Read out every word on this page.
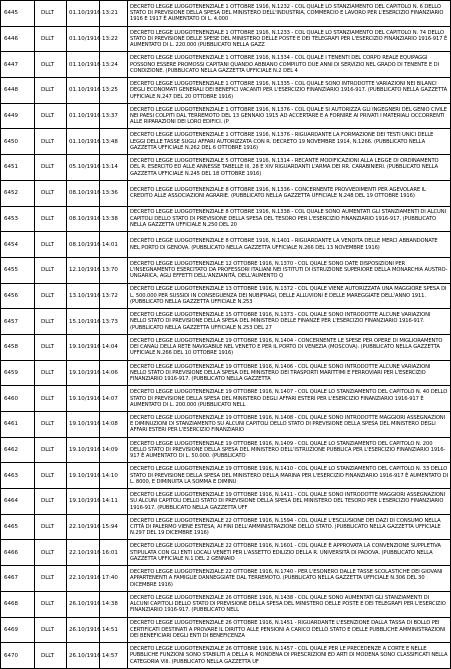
6445	DLLT	01.10/1916	13:21	DECRETO LEGGE LUOGOTENENZIALE 1 OTTOBRE 1916, N.1232 - COL QUALE LO STANZIAMENTO DEL CAPITOLO N. 6 DELLO STATO DI PREVISIONE DELLA SPESA DEL MINISTERO DELL'INDUSTRIA, COMMERCIO E LAVORO PER L'ESERCIZIO FINANZIARIO 1916 E 1917 È AUMENTATO DI L. 4.000
6446	DLLT	01.10/1916	13:22	DECRETO LEGGE LUOGOTENENZIALE 1 OTTOBRE 1916, N.1233 - COL QUALE LO STANZIAMENTO DEL CAPITOLO N. 74 DELLO STATO DI PREVISIONE DELLE SPESE DEL MINISTERO DELLE POSTE E DEI TELEGRAFI PER L'ESERCIZIO FINANZIARIO 1916-917 È AUMENTATO DI L. 220.000 (PUBBLICATO NELLA GAZZ
6447	DLLT	01.10/1916	13:24	DECRETO LEGGE LUOGOTENENZIALE 1 OTTOBRE 1916, N.1334 - COL QUALE I TENENTI DEL CORPO REALE EQUIPAGGI POSSONO ESSERE PROMOSSI CAPITANI QUANDO ABBIANO COMPIUTO DUE ANNI DI SERVIZIO NEL GRADO DI TENENTE E DI CONDIZIONE. (PUBBLICATO NELLA GAZZETTA UFFICIALE N.2 DEL 4
6448	DLLT	01.10/1916	13:25	DECRETO LEGGE LUOGOTENENZIALE 1 OTTOBRE 1916, N.1335 - COL QUALE SONO INTRODOTTE VARIAZIONI NEI BILANCI DEGLI ECONOMATI GENERALI DEI BENEFICI VACANTI PER L'ESERCIZIO FINANZIARIO 1916-917. (PUBBLICATO NELLA GAZZETTA UFFICIALE N.247 DEL 20 OTTOBRE 1916)
6449	DLLT	01.10/1916	13:37	DECRETO LEGGE LUOGOTENENZIALE 1 OTTOBRE 1916, N.1376 - COL QUALE SI AUTORIZZA GLI INGEGNERI DEL GENIO CIVILE NEI PAESI COLPITI DAL TERREMOTO DEL 13 GENNAIO 1915 AD ACCERTARE E A FORNIRE AI PRIVATI I MATERIALI OCCORRENTI ALLE RIPARAZIONI DEI LORO EDIFICI. (P
6450	DLLT	01.10/1916	13:48	DECRETO LEGGE LUOGOTENENZIALE 1 OTTOBRE 1916, N.1376 - RIGUARDANTE LA FORMAZIONE DEI TESTI UNICI DELLE LEGGI DELLE TASSE SUGLI AFFARI AUTORIZZATA CON R. DECRETO 19 NOVEMBRE 1914, N.1266. (PUBBLICATO NELLA GAZZETTA UFFICIALE N.262 DEL 6 OTTOBRE 1916)
6451	DLLT	05.10/1916	13:14	DECRETO LEGGE LUOGOTENENZIALE 5 OTTOBRE 1916, N.1314 - RECANTE MODIFICAZIONI ALLA LEGGE DI ORDINAMENTO DEL R. ESERCITO ED ALLE ANNESSE TABELLE III, 28 E XIV RIGUARDANTI L'ARMA DEI RR. CARABINIERI. (PUBBLICATO NELLA GAZZETTA UFFICIALE N.245 DEL 18 OTTOBRE 1916)
6452	DLLT	08.10/1916	13:36	DECRETO LEGGE LUOGOTENENZIALE 8 OTTOBRE 1916, N.1336 - CONCERNENTE PROVVEDIMENTI PER AGEVOLARE IL CREDITO ALLE ASSOCIAZIONI AGRARIE. (PUBBLICATO NELLA GAZZETTA UFFICIALE N.248 DEL 19 OTTOBRE 1916)
6453	DLLT	08.10/1916	13:38	DECRETO LEGGE LUOGOTENENZIALE 8 OTTOBRE 1916, N.1338 - COL QUALE SONO AUMENTATI GLI STANZIAMENTI DI ALCUNI CAPITOLI DELLO STATO DI PREVISIONE DELLA SPESA DEL TESORO PER L'ESERCIZIO FINANZIARIO 1916-917. (PUBBLICATO NELLA GAZZETTA UFFICIALE N.250 DEL 20
6454	DLLT	08.10/1916	14:01	DECRETO LEGGE LUOGOTENENZIALE 8 OTTOBRE 1916, N.1401 - RIGUARDANTE LA VENDITA DELLE MERCI ABBANDONATE NEL PORTO DI GENOVA. (PUBBLICATO NELLA GAZZETTA UFFICIALE N.266 DEL 13 NOVEMBRE 1916)
6455	DLLT	12.10/1916	13:70	DECRETO LEGGE LUOGOTENENZIALE 12 OTTOBRE 1916, N.1370 - COL QUALE SONO DATE DISPOSIZIONI PER L'INSEGNAMENTO ESERCITATO DA PROFESSORI ITALIANI NEI ISTITUTI DI ISTRUZIONE SUPERIORE DELLA MONARCHIA AUSTRO-UNGARICA, AGLI EFFETTI DELL'ANZIANITÀ, DELL'AUMENTO Q
6456	DLLT	13.10/1916	13:72	DECRETO LEGGE LUOGOTENENZIALE 13 OTTOBRE 1916, N.1372 - COL QUALE VIENE AUTORIZZATA UNA MAGGIORE SPESA DI L. 500.000 PER SUSSIDI IN CONSEGUENZA DEI NUBIFRAGI, DELLE ALLUVIONI E DELLE MAREGGIATE DELL'ANNO 1911. (PUBBLICATO NELLA GAZZETTA UFFICIALE N.253
6457	DLLT	15.10/1916	13:73	DECRETO LEGGE LUOGOTENENZIALE 15 OTTOBRE 1916, N.1373 - COL QUALE SONO INTRODOTTE ALCUNE VARIAZIONI NELLO STATO DI PREVISIONE DELLA SPESA DEL MINISTERO DELLE FINANZE PER L'ESERCIZIO FINANZIARIO 1916-917. (PUBBLICATO NELLA GAZZETTA UFFICIALE N.253 DEL 27
6458	DLLT	19.10/1916	14:04	DECRETO LEGGE LUOGOTENENZIALE 19 OTTOBRE 1916, N.1404 - CONCERNENTE LE SPESE PER OPERE DI MIGLIORAMENTO DEI CANALI DELLA RETE NAVIGABILE NEL VENETO E PER IL PORTO DI VENEZIA (MOSCOVA). (PUBBLICATO NELLA GAZZETTA UFFICIALE N.266 DEL 10 OTTOBRE 1916)
6459	DLLT	19.10/1916	14:06	DECRETO LEGGE LUOGOTENENZIALE 19 OTTOBRE 1916, N.1406 - COL QUALE SONO INTRODOTTE ALCUNE VARIAZIONI NELLO STATO DI PREVISIONE DELLA SPESA DEL MINISTERO DEI TRASPORTI MARITTIMI E FERROVIARI PER L'ESERCIZIO FINANZIARIO 1916-917. (PUBBLICATO NELLA GAZZETTA
6460	DLLT	19.10/1916	14:07	DECRETO LEGGE LUOGOTENENZIALE 19 OTTOBRE 1916, N.1407 - COL QUALE LO STANZIAMENTO DEL CAPITOLO N. 40 DELLO STATO DI PREVISIONE DELLA SPESA DEL MINISTERO DEGLI AFFARI ESTERI PER L'ESERCIZIO FINANZIARIO 1916-917 È AUMENTATO DI L. 200.000 (PUBBLICATO NELL
6461	DLLT	19.10/1916	14:08	DECRETO LEGGE LUOGOTENENZIALE 19 OTTOBRE 1916, N.1408 - COL QUALE SONO INTRODOTTE MAGGIORI ASSEGNAZIONI E DIMINUZIONI DI STANZIAMENTO SU ALCUNI CAPITOLI DELLO STATO DI PREVISIONE DELLA SPESA DEL MINISTERO DEGLI AFFARI ESTERI PER L'ESERCIZIO FINANZIARIO
6462	DLLT	19.10/1916	14:09	DECRETO LEGGE LUOGOTENENZIALE 19 OTTOBRE 1916, N.1409 - COL QUALE LO STANZIAMENTO DEL CAPITOLO N. 200 DELLO STATO DI PREVISIONE DELLA SPESA DEL MINISTERO DELL'ISTRUZIONE PUBBLICA PER L'ESERCIZIO FINANZIARIO 1916-917 È AUMENTATO DI L. 50.000. (PUBBLICATO
6463	DLLT	19.10/1916	14:10	DECRETO LEGGE LUOGOTENENZIALE 19 OTTOBRE 1916, N.1410 - COL QUALE LO STANZIAMENTO DEL CAPITOLO N. 33 DELLO STATO DI PREVISIONE DELLA SPESA DEL MINISTERO DELLA MARINA PER L'ESERCIZIO FINANZIARIO 1916-917 È AUMENTATO DI L. 8000, E DIMINUITA LA SOMMA E DIMINU
6464	DLLT	19.10/1916	14:11	DECRETO LEGGE LUOGOTENENZIALE 19 OTTOBRE 1916, N.1411 - COL QUALE SONO INTRODOTTE MAGGIORI ASSEGNAZIONI SU ALCUNI CAPITOLI DELLO STATO DI PREVISIONE DELLA SPESA DEL MINISTERO DEL TESORO PER L'ESERCIZIO FINANZIARIO 1916-917. (PUBBLICATO NELLA GAZZETTA UFF
6465	DLLT	22.10/1916	15:94	DECRETO LEGGE LUOGOTENENZIALE 22 OTTOBRE 1916, N.1594 - COL QUALE L'ESCLUSIONE DEI DAZI DI CONSUMO NELLA CITTÀ DI PALERMO VIENE ESTESA, AI FINI DELL'AMMINISTRAZIONE DELLO STATO. (PUBBLICATO NELLA GAZZETTA UFFICIALE N.297 DEL 19 DICEMBRE 1916)
6466	DLLT	22.10/1916	16:01	DECRETO LEGGE LUOGOTENENZIALE 22 OTTOBRE 1916, N.1601 - COL QUALE È APPROVATA LA CONVENZIONE SUPPLETIVA STIPULATA CON GLI ENTI LOCALI VENETI PER L'ASSETTO EDILIZIO DELLA R. UNIVERSITÀ DI PADOVA. (PUBBLICATO NELLA GAZZETTA UFFICIALE N.1 DEL 2 GENNAIO
6467	DLLT	22.10/1916	17:40	DECRETO LEGGE LUOGOTENENZIALE 22 OTTOBRE 1916, N.1740 - PER L'ESONERO DALLE TASSE SCOLASTICHE DEI GIOVANI APPARTENENTI A FAMIGLIE DANNEGGIATE DAL TERREMOTO. (PUBBLICATO NELLA GAZZETTA UFFICIALE N.306 DEL 30 DICEMBRE 1916)
6468	DLLT	26.10/1916	14:38	DECRETO LEGGE LUOGOTENENZIALE 26 OTTOBRE 1916, N.1438 - COL QUALE SONO AUMENTATI GLI STANZIAMENTI DI ALCUNI CAPITOLI DELLO STATO DI PREVISIONE DELLA SPESA DEL MINISTERO DELLE POSTE E DEI TELEGRAFI PER L'ESERCIZIO FINANZIARIO 1916-917. (PUBBLICATO NELL
6469	DLLT	26.10/1916	14:51	DECRETO LEGGE LUOGOTENENZIALE 26 OTTOBRE 1916, N.1451 - RIGUARDANTE L'ESENZIONE DALLA TASSA DI BOLLO PEI CERTIFICATI DESTINATI A PROVARE IL DIRITTO ALLE PENSIONI A CARICO DELLO STATO E DELLE PUBBLICHE AMMINISTRAZIONI DEI BENEFICIARI DEGLI ENTI DI BENEFICENZA
6470	DLLT	26.10/1916	14:57	DECRETO LEGGE LUOGOTENENZIALE 26 OTTOBRE 1916, N.1457 - COL QUALE PER LE PRECEDENZE A CORTE E NELLE PUBBLICHE FUNZIONI SONO STABILITI A DELLA R. MONDENA DI PRESCRIZIONI ED ARTI DI MODENA SONO CLASSIFICATI NELLA CATEGORIA VIII. (PUBBLICATO NELLA GAZZETTA UF
